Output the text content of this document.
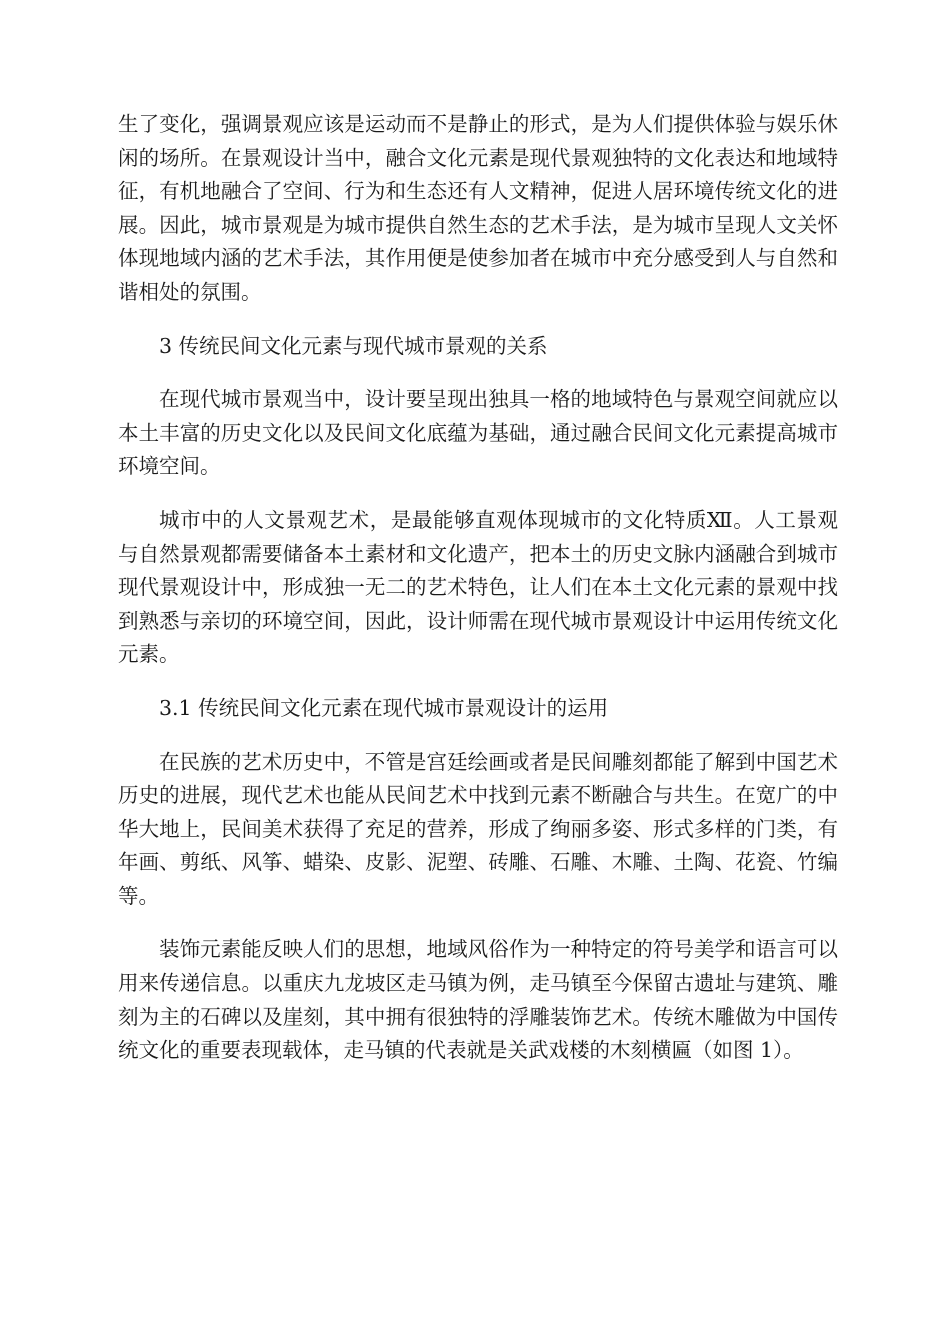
生了变化，强调景观应该是运动而不是静止的形式，是为人们提供体验与娱乐休闲的场所。在景观设计当中，融合文化元素是现代景观独特的文化表达和地域特征，有机地融合了空间、行为和生态还有人文精神，促进人居环境传统文化的进展。因此，城市景观是为城市提供自然生态的艺术手法，是为城市呈现人文关怀体现地域内涵的艺术手法，其作用便是使参加者在城市中充分感受到人与自然和谐相处的氛围。

3 传统民间文化元素与现代城市景观的关系

在现代城市景观当中，设计要呈现出独具一格的地域特色与景观空间就应以本土丰富的历史文化以及民间文化底蕴为基础，通过融合民间文化元素提高城市环境空间。

城市中的人文景观艺术，是最能够直观体现城市的文化特质Ⅻ。人工景观与自然景观都需要储备本土素材和文化遗产，把本土的历史文脉内涵融合到城市现代景观设计中，形成独一无二的艺术特色，让人们在本土文化元素的景观中找到熟悉与亲切的环境空间，因此，设计师需在现代城市景观设计中运用传统文化元素。

3.1 传统民间文化元素在现代城市景观设计的运用

在民族的艺术历史中，不管是宫廷绘画或者是民间雕刻都能了解到中国艺术历史的进展，现代艺术也能从民间艺术中找到元素不断融合与共生。在宽广的中华大地上，民间美术获得了充足的营养，形成了绚丽多姿、形式多样的门类，有年画、剪纸、风筝、蜡染、皮影、泥塑、砖雕、石雕、木雕、土陶、花瓷、竹编等。

装饰元素能反映人们的思想，地域风俗作为一种特定的符号美学和语言可以用来传递信息。以重庆九龙坡区走马镇为例，走马镇至今保留古遗址与建筑、雕刻为主的石碑以及崖刻，其中拥有很独特的浮雕装饰艺术。传统木雕做为中国传统文化的重要表现载体，走马镇的代表就是关武戏楼的木刻横匾（如图 1）。
